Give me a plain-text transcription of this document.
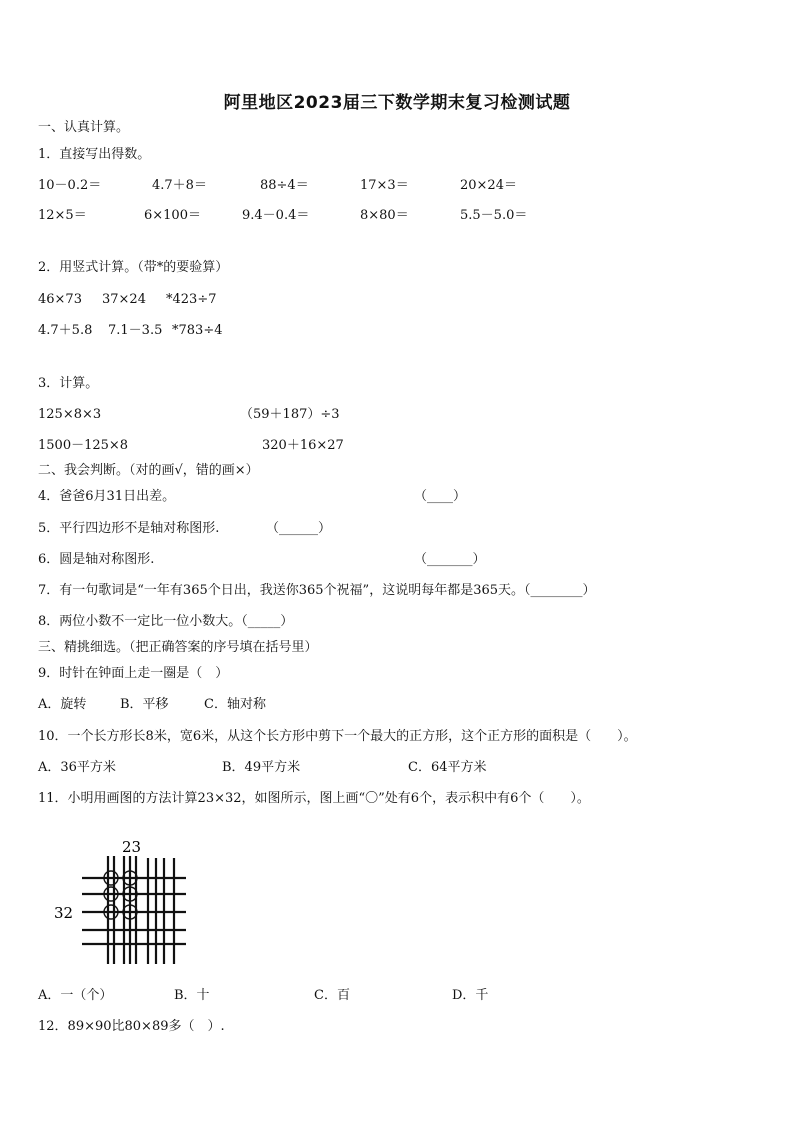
阿里地区2023届三下数学期末复习检测试题
一、认真计算。
1．直接写出得数。
10－0.2＝	4.7＋8＝	88÷4＝	17×3＝	20×24＝
12×5＝	6×100＝	9.4－0.4＝	8×80＝	5.5－5.0＝
2．用竖式计算。（带*的要验算）
46×73 37×24 *423÷7
4.7＋5.8 7.1－3.5 *783÷4
3．计算。
125×8×3	（59＋187）÷3
1500－125×8	320＋16×27
二、我会判断。（对的画√，错的画×）
4．爸爸6月31日出差。	（____）
5．平行四边形不是轴对称图形.	（______）
6．圆是轴对称图形.	（_______）
7．有一句歌词是“一年有365个日出，我送你365个祝福”，这说明每年都是365天。（________）
8．两位小数不一定比一位小数大。（_____）
三、精挑细选。（把正确答案的序号填在括号里）
9．时针在钟面上走一圈是（　）
A．旋转	B．平移	C．轴对称
10．一个长方形长8米，宽6米，从这个长方形中剪下一个最大的正方形，这个正方形的面积是（　　）。
A．36平方米	B．49平方米	C．64平方米
11．小明用画图的方法计算23×32，如图所示，图上画“〇”处有6个，表示积中有6个（　　）。
23
32
A．一（个）	B．十	C．百	D．千
12．89×90比80×89多（　）.
